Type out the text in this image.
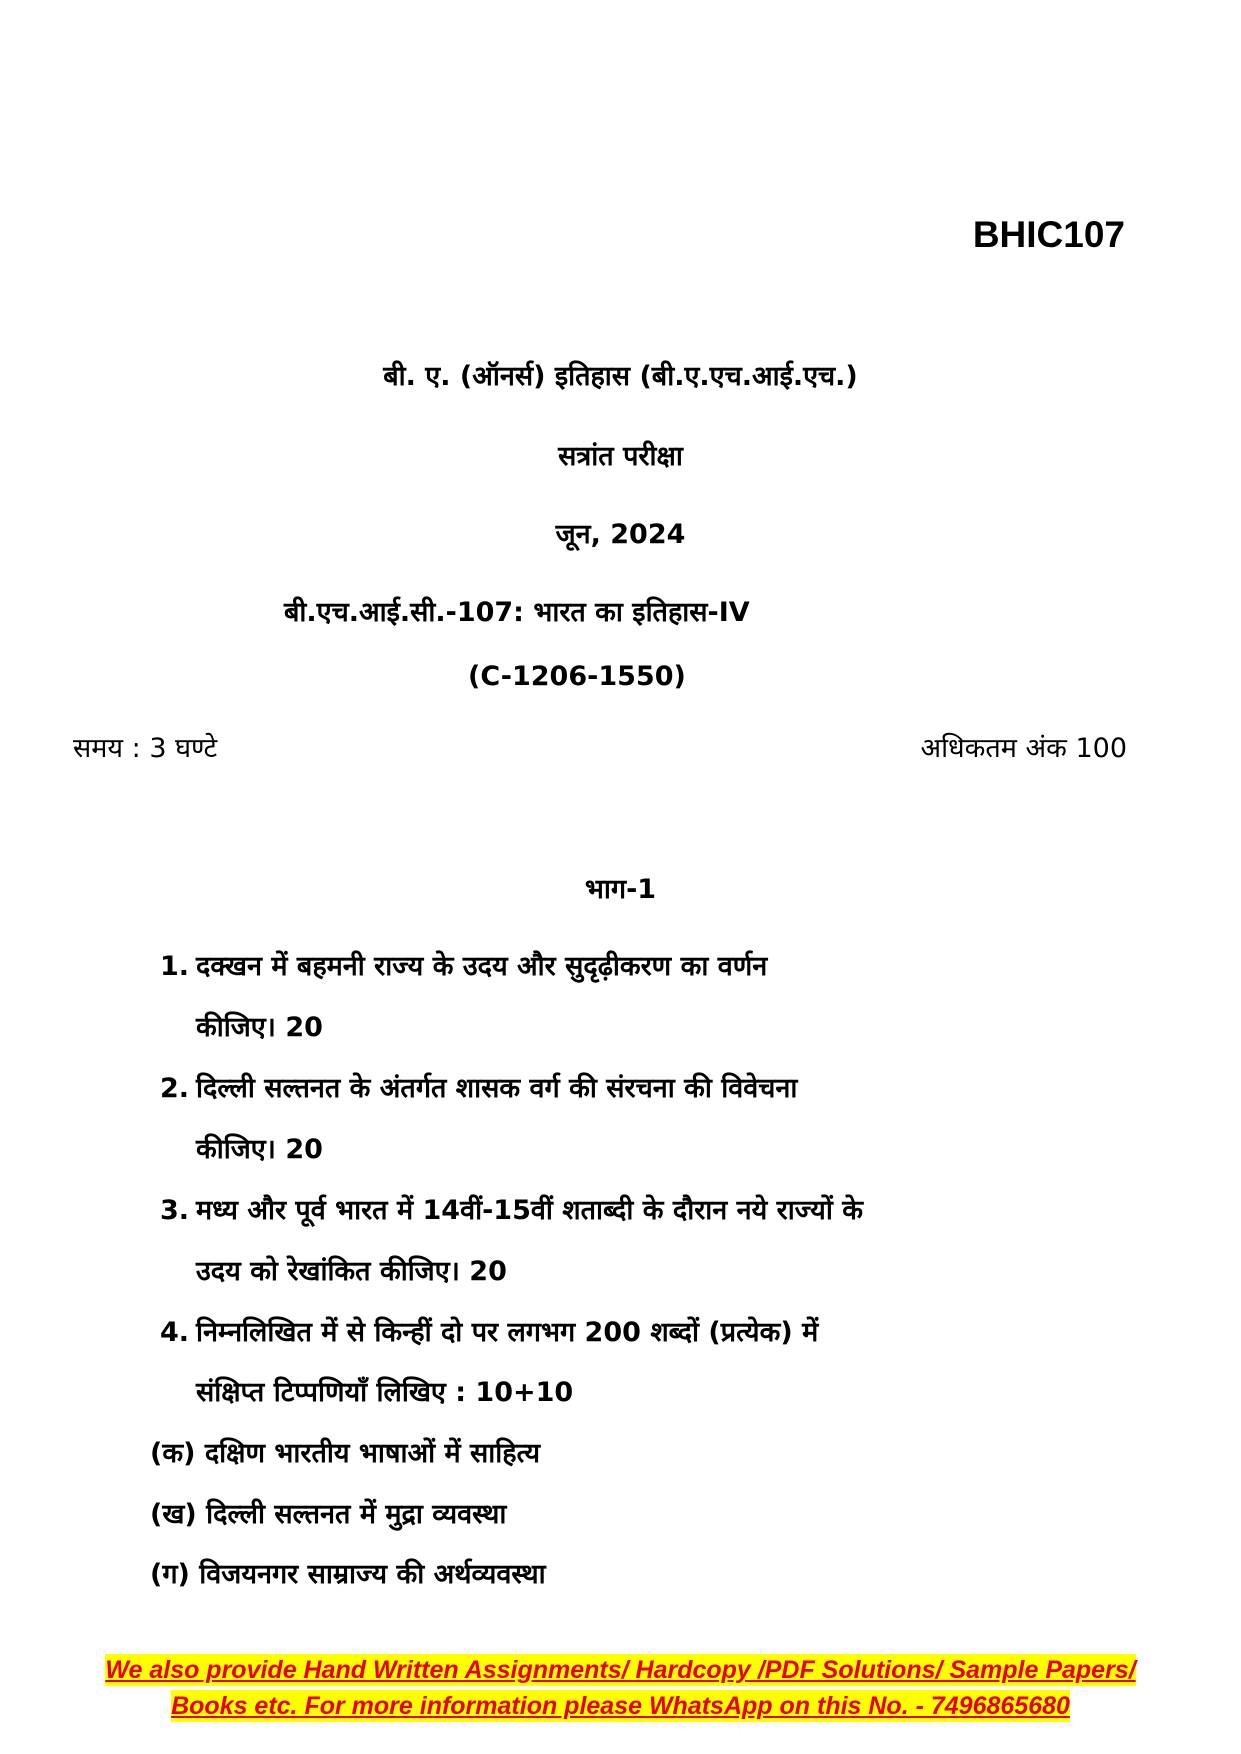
BHIC107
बी. ए. (ऑनर्स) इतिहास (बी.ए.एच.आई.एच.)
सत्रांत परीक्षा
जून, 2024
बी.एच.आई.सी.-107: भारत का इतिहास-IV
(C-1206-1550)
समय : 3 घण्टे	अधिकतम अंक 100
भाग-1
1. दक्खन में बहमनी राज्य के उदय और सुदृढ़ीकरण का वर्णन
कीजिए। 20
2. दिल्ली सल्तनत के अंतर्गत शासक वर्ग की संरचना की विवेचना
कीजिए। 20
3. मध्य और पूर्व भारत में 14वीं-15वीं शताब्दी के दौरान नये राज्यों के
उदय को रेखांकित कीजिए। 20
4. निम्नलिखित में से किन्हीं दो पर लगभग 200 शब्दों (प्रत्येक) में
संक्षिप्त टिप्पणियाँ लिखिए : 10+10
(क) दक्षिण भारतीय भाषाओं में साहित्य
(ख) दिल्ली सल्तनत में मुद्रा व्यवस्था
(ग) विजयनगर साम्राज्य की अर्थव्यवस्था
We also provide Hand Written Assignments/ Hardcopy /PDF Solutions/ Sample Papers/
Books etc. For more information please WhatsApp on this No. - 7496865680
